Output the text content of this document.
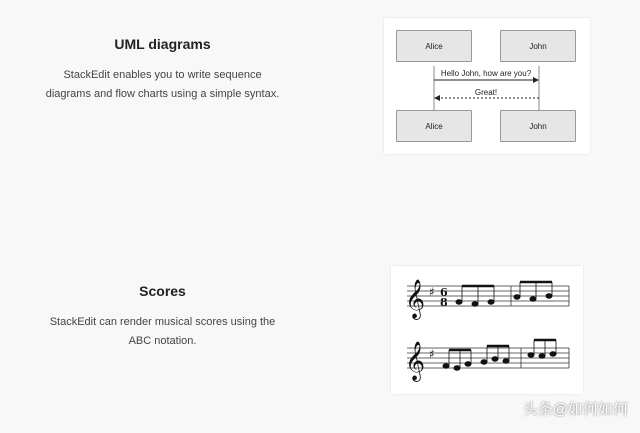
UML diagrams

StackEdit enables you to write sequence
diagrams and flow charts using a simple syntax.

Alice	John
Hello John, how are you?
Great!
Alice	John
Scores

StackEdit can render musical scores using the
ABC notation.

𝄞 ♯ 6
8
𝄞 ♯
头条@如何如何
